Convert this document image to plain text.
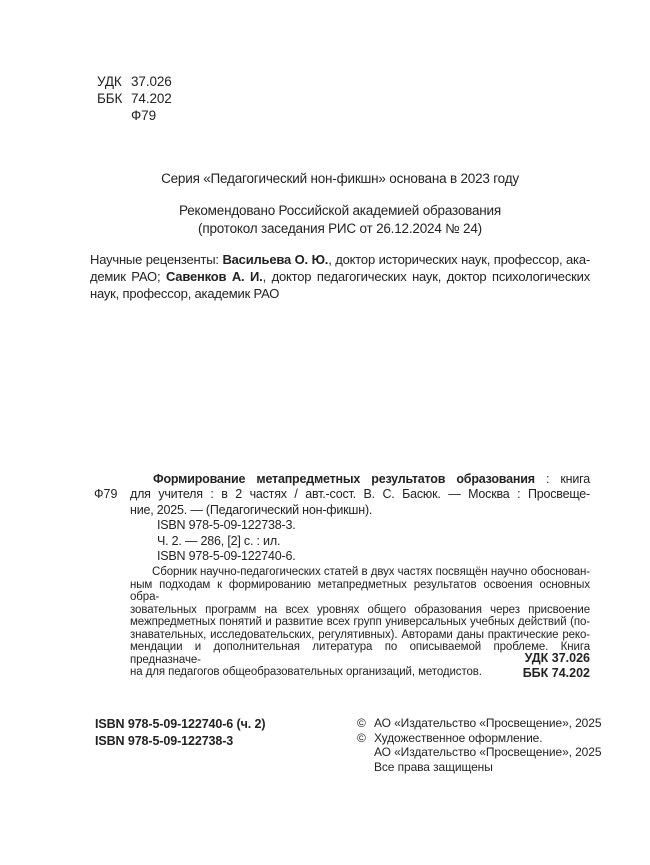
УДК 37.026
ББК 74.202
Ф79
Серия «Педагогический нон-фикшн» основана в 2023 году
Рекомендовано Российской академией образования
(протокол заседания РИС от 26.12.2024 № 24)
Научные рецензенты: Васильева О. Ю., доктор исторических наук, профессор, ака-
демик РАО; Савенков А. И., доктор педагогических наук, доктор психологических
наук, профессор, академик РАО
Формирование метапредметных результатов образования : книга
Ф79 для учителя : в 2 частях / авт.-сост. В. С. Басюк. — Москва : Просвеще-
ние, 2025. — (Педагогический нон-фикшн).
ISBN 978-5-09-122738-3.
Ч. 2. — 286, [2] с. : ил.
ISBN 978-5-09-122740-6.
Сборник научно-педагогических статей в двух частях посвящён научно обоснован-
ным подходам к формированию метапредметных результатов освоения основных обра-
зовательных программ на всех уровнях общего образования через присвоение
межпредметных понятий и развитие всех групп универсальных учебных действий (по-
знавательных, исследовательских, регулятивных). Авторами даны практические реко-
мендации и дополнительная литература по описываемой проблеме. Книга предназначе-
на для педагогов общеобразовательных организаций, методистов.
УДК 37.026
ББК 74.202
ISBN 978-5-09-122740-6 (ч. 2)
ISBN 978-5-09-122738-3
© АО «Издательство «Просвещение», 2025
© Художественное оформление.
АО «Издательство «Просвещение», 2025
Все права защищены
